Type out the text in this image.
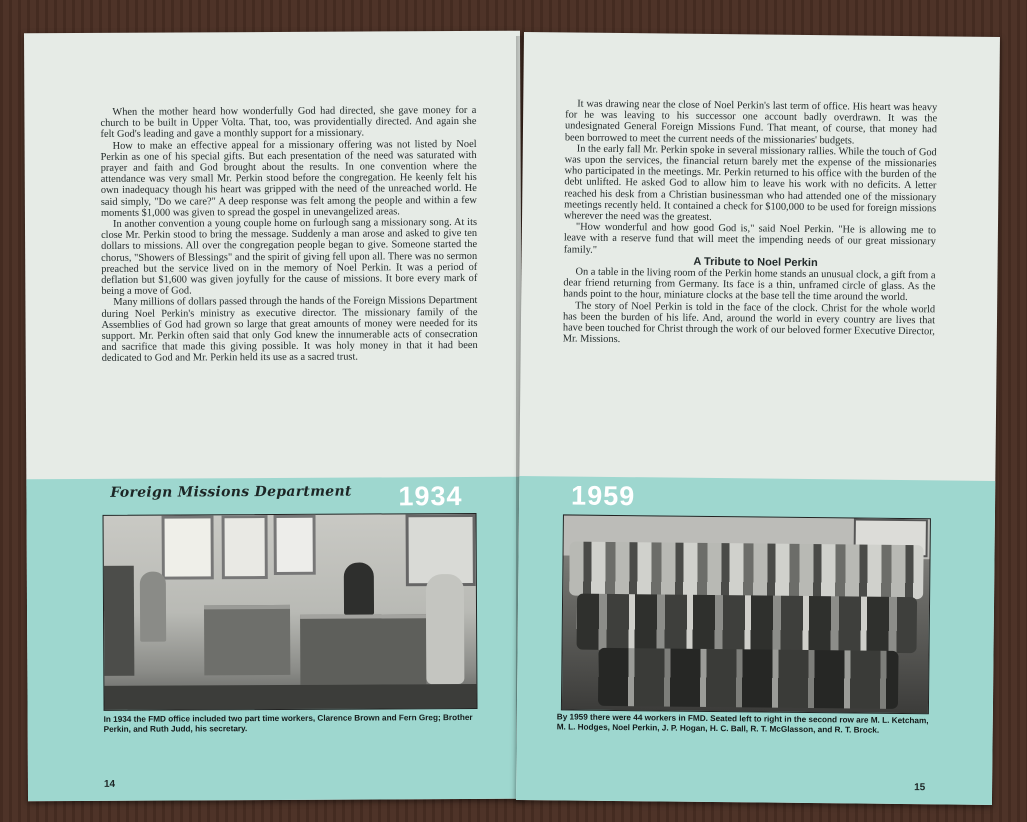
When the mother heard how wonderfully God had directed, she gave money for a church to be built in Upper Volta. That, too, was providentially directed. And again she felt God's leading and gave a monthly support for a missionary.

How to make an effective appeal for a missionary offering was not listed by Noel Perkin as one of his special gifts. But each presentation of the need was saturated with prayer and faith and God brought about the results. In one convention where the attendance was very small Mr. Perkin stood before the congregation. He keenly felt his own inadequacy though his heart was gripped with the need of the unreached world. He said simply, "Do we care?" A deep response was felt among the people and within a few moments $1,000 was given to spread the gospel in unevangelized areas.

In another convention a young couple home on furlough sang a missionary song. At its close Mr. Perkin stood to bring the message. Suddenly a man arose and asked to give ten dollars to missions. All over the congregation people began to give. Someone started the chorus, "Showers of Blessings" and the spirit of giving fell upon all. There was no sermon preached but the service lived on in the memory of Noel Perkin. It was a period of deflation but $1,600 was given joyfully for the cause of missions. It bore every mark of being a move of God.

Many millions of dollars passed through the hands of the Foreign Missions Department during Noel Perkin's ministry as executive director. The missionary family of the Assemblies of God had grown so large that great amounts of money were needed for its support. Mr. Perkin often said that only God knew the innumerable acts of consecration and sacrifice that made this giving possible. It was holy money in that it had been dedicated to God and Mr. Perkin held its use as a sacred trust.

Foreign Missions Department 1934
In 1934 the FMD office included two part time workers, Clarence Brown and Fern Greg; Brother Perkin, and Ruth Judd, his secretary.
14

It was drawing near the close of Noel Perkin's last term of office. His heart was heavy for he was leaving to his successor one account badly overdrawn. It was the undesignated General Foreign Missions Fund. That meant, of course, that money had been borrowed to meet the current needs of the missionaries' budgets.

In the early fall Mr. Perkin spoke in several missionary rallies. While the touch of God was upon the services, the financial return barely met the expense of the missionaries who participated in the meetings. Mr. Perkin returned to his office with the burden of the debt unlifted. He asked God to allow him to leave his work with no deficits. A letter reached his desk from a Christian businessman who had attended one of the missionary meetings recently held. It contained a check for $100,000 to be used for foreign missions wherever the need was the greatest.

"How wonderful and how good God is," said Noel Perkin. "He is allowing me to leave with a reserve fund that will meet the impending needs of our great missionary family."

A Tribute to Noel Perkin

On a table in the living room of the Perkin home stands an unusual clock, a gift from a dear friend returning from Germany. Its face is a thin, unframed circle of glass. As the hands point to the hour, miniature clocks at the base tell the time around the world.

The story of Noel Perkin is told in the face of the clock. Christ for the whole world has been the burden of his life. And, around the world in every country are lives that have been touched for Christ through the work of our beloved former Executive Director, Mr. Missions.

1959
By 1959 there were 44 workers in FMD. Seated left to right in the second row are M. L. Ketcham, M. L. Hodges, Noel Perkin, J. P. Hogan, H. C. Ball, R. T. McGlasson, and R. T. Brock.
15
